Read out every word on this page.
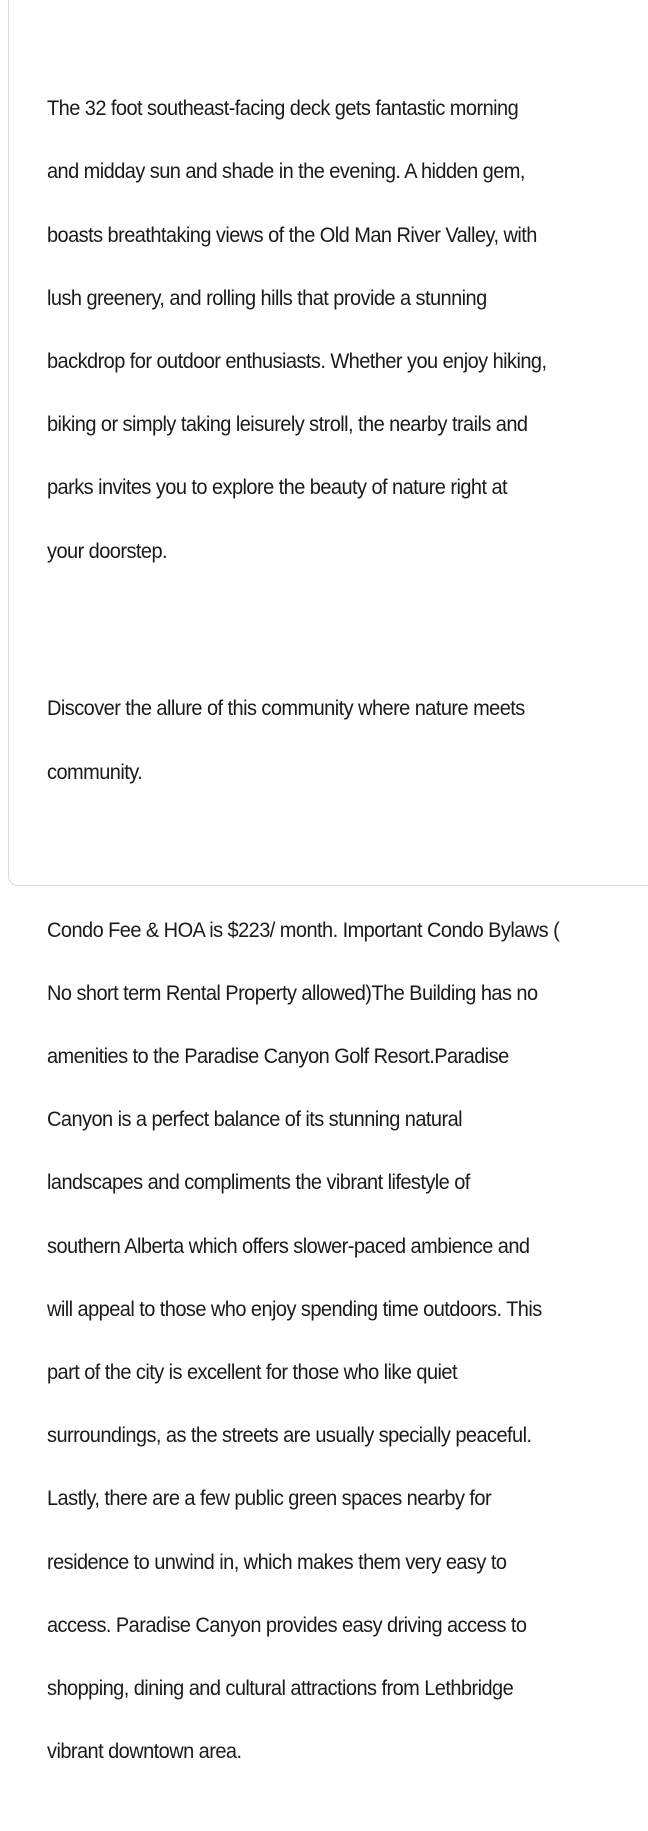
The 32 foot southeast-facing deck gets fantastic morning

and midday sun and shade in the evening. A hidden gem,

boasts breathtaking views of the Old Man River Valley, with

lush greenery, and rolling hills that provide a stunning

backdrop for outdoor enthusiasts. Whether you enjoy hiking,

biking or simply taking leisurely stroll, the nearby trails and

parks invites you to explore the beauty of nature right at

your doorstep.

Discover the allure of this community where nature meets

community.

Condo Fee & HOA is $223/ month. Important Condo Bylaws (

No short term Rental Property allowed)The Building has no

amenities to the Paradise Canyon Golf Resort.Paradise

Canyon is a perfect balance of its stunning natural

landscapes and compliments the vibrant lifestyle of

southern Alberta which offers slower-paced ambience and

will appeal to those who enjoy spending time outdoors. This

part of the city is excellent for those who like quiet

surroundings, as the streets are usually specially peaceful.

Lastly, there are a few public green spaces nearby for

residence to unwind in, which makes them very easy to

access. Paradise Canyon provides easy driving access to

shopping, dining and cultural attractions from Lethbridge

vibrant downtown area.
